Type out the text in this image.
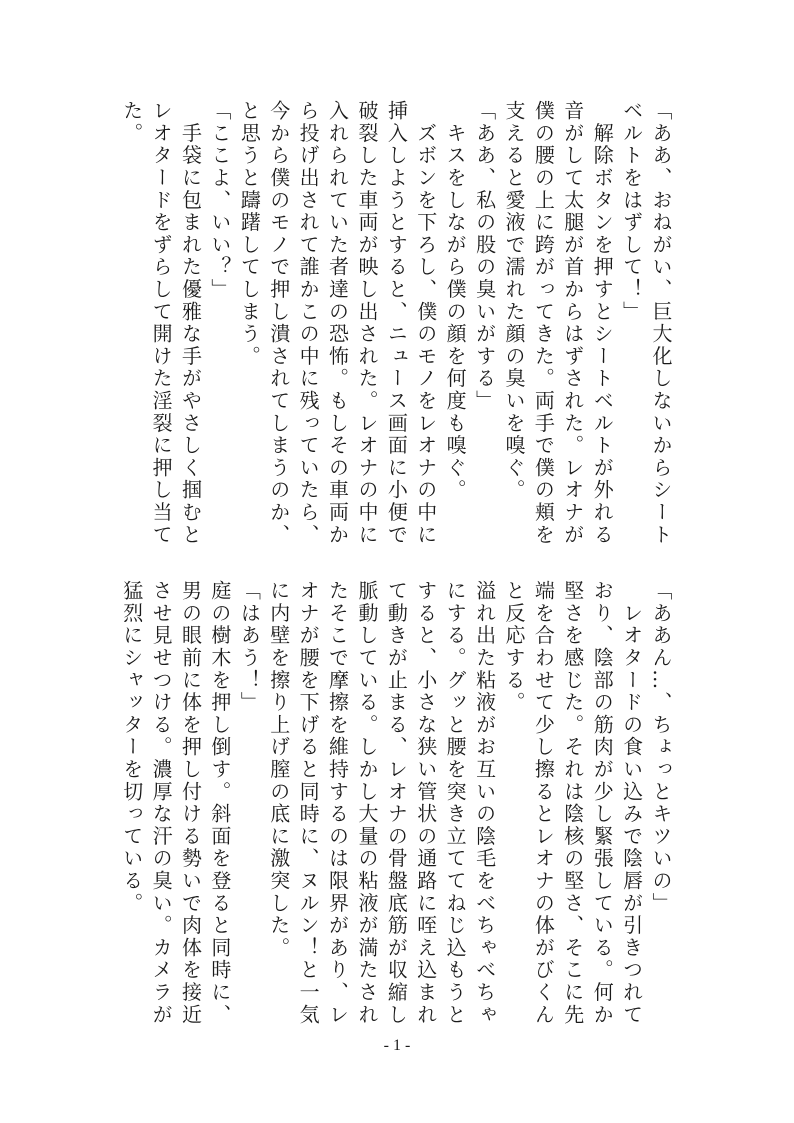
「ああ、おねがい、巨大化しないからシート
ベルトをはずして！」
　解除ボタンを押すとシートベルトが外れる
音がして太腿が首からはずされた。レオナが
僕の腰の上に跨がってきた。両手で僕の頬を
支えると愛液で濡れた顔の臭いを嗅ぐ。
「ああ、私の股の臭いがする」
　キスをしながら僕の顔を何度も嗅ぐ。
　ズボンを下ろし、僕のモノをレオナの中に
挿入しようとすると、ニュース画面に小便で
破裂した車両が映し出された。レオナの中に
入れられていた者達の恐怖。もしその車両か
ら投げ出されて誰かこの中に残っていたら、
今から僕のモノで押し潰されてしまうのか、
と思うと躊躇してしまう。
「ここよ、いい？」
　手袋に包まれた優雅な手がやさしく掴むと
レオタードをずらして開けた淫裂に押し当て
た。
「ああん…、ちょっとキツいの」
　レオタードの食い込みで陰唇が引きつれて
おり、陰部の筋肉が少し緊張している。何か
堅さを感じた。それは陰核の堅さ、そこに先
端を合わせて少し擦るとレオナの体がびくん
と反応する。
溢れ出た粘液がお互いの陰毛をべちゃべちゃ
にする。グッと腰を突き立ててねじ込もうと
すると、小さな狭い管状の通路に咥え込まれ
て動きが止まる、レオナの骨盤底筋が収縮し
脈動している。しかし大量の粘液が満たされ
たそこで摩擦を維持するのは限界があり、レ
オナが腰を下げると同時に、ヌルン！と一気
に内壁を擦り上げ膣の底に激突した。
「はあう！」
庭の樹木を押し倒す。斜面を登ると同時に、
男の眼前に体を押し付ける勢いで肉体を接近
させ見せつける。濃厚な汗の臭い。カメラが
猛烈にシャッターを切っている。
- 1 -
